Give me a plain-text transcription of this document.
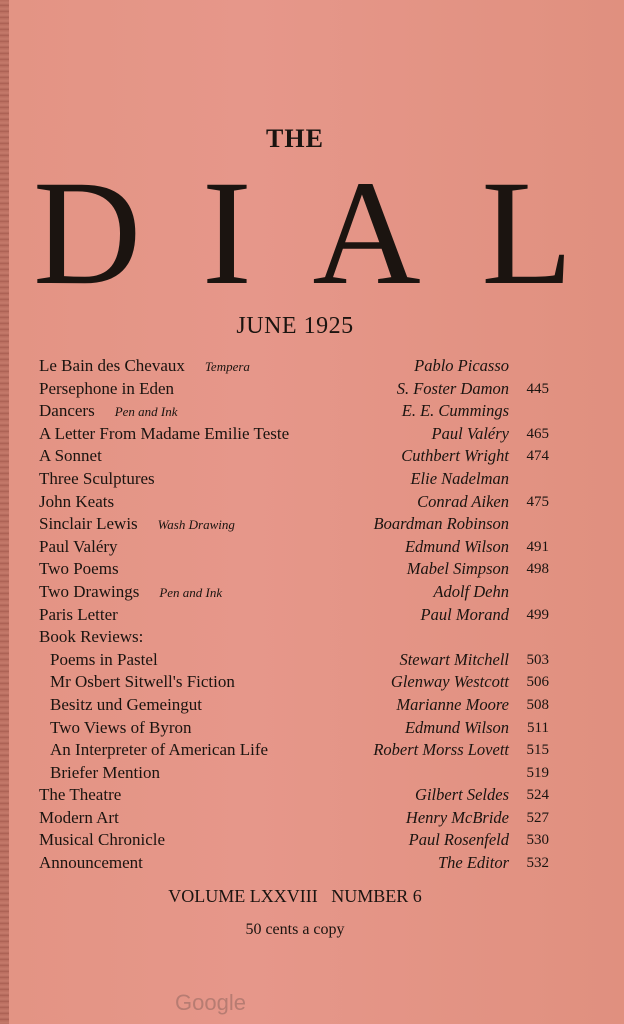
THE
D I A L
JUNE 1925
Le Bain des Chevaux Tempera	Pablo Picasso
Persephone in Eden	S. Foster Damon 445
Dancers Pen and Ink	E. E. Cummings
A Letter From Madame Emilie Teste	Paul Valéry 465
A Sonnet	Cuthbert Wright 474
Three Sculptures	Elie Nadelman
John Keats	Conrad Aiken 475
Sinclair Lewis Wash Drawing	Boardman Robinson
Paul Valéry	Edmund Wilson 491
Two Poems	Mabel Simpson 498
Two Drawings Pen and Ink	Adolf Dehn
Paris Letter	Paul Morand 499
Book Reviews:
Poems in Pastel	Stewart Mitchell 503
Mr Osbert Sitwell's Fiction	Glenway Westcott 506
Besitz und Gemeingut	Marianne Moore 508
Two Views of Byron	Edmund Wilson 511
An Interpreter of American Life	Robert Morss Lovett 515
Briefer Mention	519
The Theatre	Gilbert Seldes 524
Modern Art	Henry McBride 527
Musical Chronicle	Paul Rosenfeld 530
Announcement	The Editor 532
VOLUME LXXVIII   NUMBER 6
50 cents a copy
Google
